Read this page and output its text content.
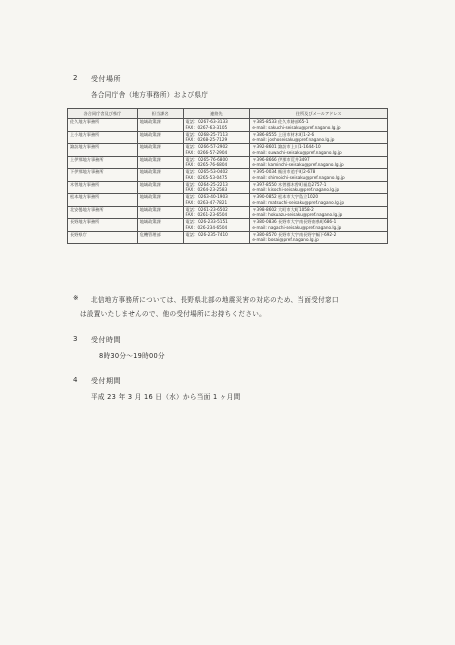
2 受付場所
各合同庁舎（地方事務所）および県庁
各合同庁舎及び県庁	担当課名	連絡先	住所及びメールアドレス

佐久地方事務所	地域政策課	電話：0267-63-3133
FAX：0267-63-3105	〒385-8533 佐久市跡部65-1
e-mail: sakuchi-seisaku@pref.nagano.lg.jp

上小地方事務所	地域政策課	電話：0268-25-7113
FAX：0268-25-7129	〒386-8555 上田市材木町1-2-6
e-mail: joshoseisaku@pref.nagano.lg.jp

諏訪地方事務所	地域政策課	電話：0266-57-2902
FAX：0266-57-2904	〒392-8601 諏訪市上川1-1644-10
e-mail: suwachi-seisaku@pref.nagano.lg.jp

上伊那地方事務所	地域政策課	電話：0265-76-6800
FAX：0265-76-6804	〒396-8666 伊那市荒井3497
e-mail: kaminchi-seisaku@pref.nagano.lg.jp

下伊那地方事務所	地域政策課	電話：0265-53-0402
FAX：0265-53-0475	〒395-0034 飯田市追手町2-678
e-mail: shimoichi-seisaku@pref.nagano.lg.jp

木曽地方事務所	地域政策課	電話：0264-25-2213
FAX：0264-23-2583	〒397-8550 木曽郡木曽町福島2757-1
e-mail: kisochi-seisaku@pref.nagano.lg.jp

松本地方事務所	地域政策課	電話：0263-40-1903
FAX：0263-47-7821	〒390-0852 松本市大字島立1020
e-mail: matsuchi-seisaku@pref.nagano.lg.jp

北安曇地方事務所	地域政策課	電話：0261-23-6502
FAX：0261-23-6504	〒398-8602 大町市大町1058-2
e-mail: hokuazu-seisaku@pref.nagano.lg.jp

長野地方事務所	地域政策課	電話：026-233-5151
FAX：026-234-6504	〒380-0836 長野市大字南長野南県町686-1
e-mail: nagachi-seisaku@pref.nagano.lg.jp

長野県庁	危機管理部	電話：026-235-7410	〒380-8570 長野市大字南長野字幅下692-2
e-mail: bosai@pref.nagano.lg.jp
※ 北信地方事務所については、長野県北部の地震災害の対応のため、当面受付窓口
は設置いたしませんので、他の受付場所にお持ちください。
3 受付時間
8時30分～19時00分
4 受付期間
平成 23 年 3 月 16 日（水）から当面 1 ヶ月間
